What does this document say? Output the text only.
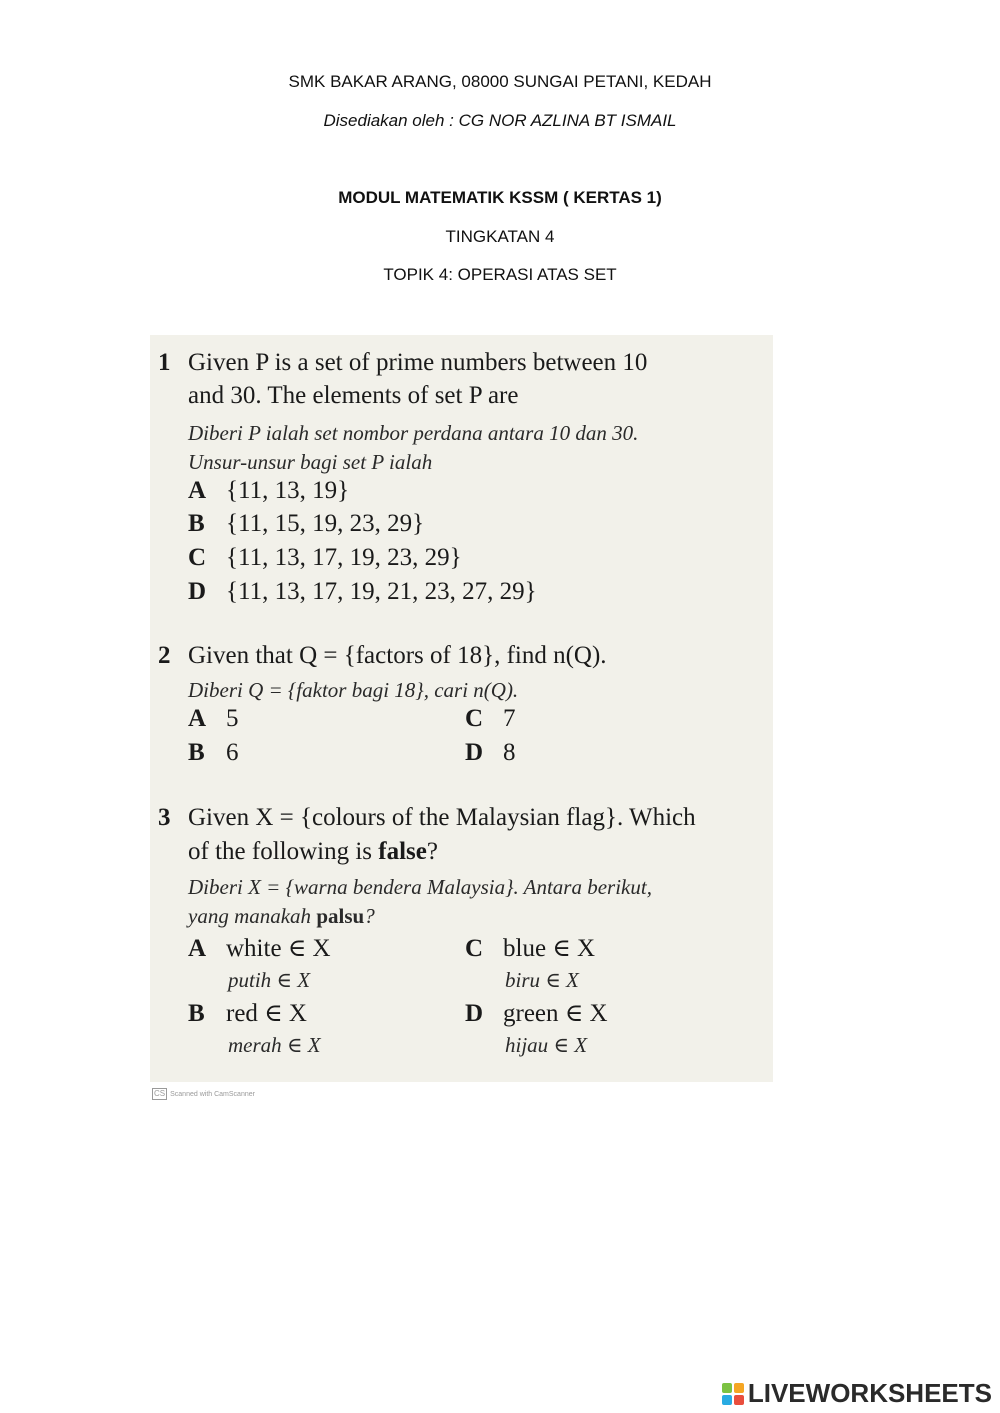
SMK BAKAR ARANG, 08000 SUNGAI PETANI, KEDAH
Disediakan oleh : CG NOR AZLINA BT ISMAIL
MODUL MATEMATIK KSSM ( KERTAS 1)
TINGKATAN 4
TOPIK 4: OPERASI ATAS SET
1 Given P is a set of prime numbers between 10
and 30. The elements of set P are
Diberi P ialah set nombor perdana antara 10 dan 30.
Unsur-unsur bagi set P ialah
A {11, 13, 19}
B {11, 15, 19, 23, 29}
C {11, 13, 17, 19, 23, 29}
D {11, 13, 17, 19, 21, 23, 27, 29}
2 Given that Q = {factors of 18}, find n(Q).
Diberi Q = {faktor bagi 18}, cari n(Q).
A 5
B 6
C 7
D 8
3 Given X = {colours of the Malaysian flag}. Which
of the following is false?
Diberi X = {warna bendera Malaysia}. Antara berikut,
yang manakah palsu?
A white ∈ X
putih ∈ X
B red ∈ X
merah ∈ X
C blue ∈ X
biru ∈ X
D green ∈ X
hijau ∈ X
CS Scanned with CamScanner
LIVEWORKSHEETS
